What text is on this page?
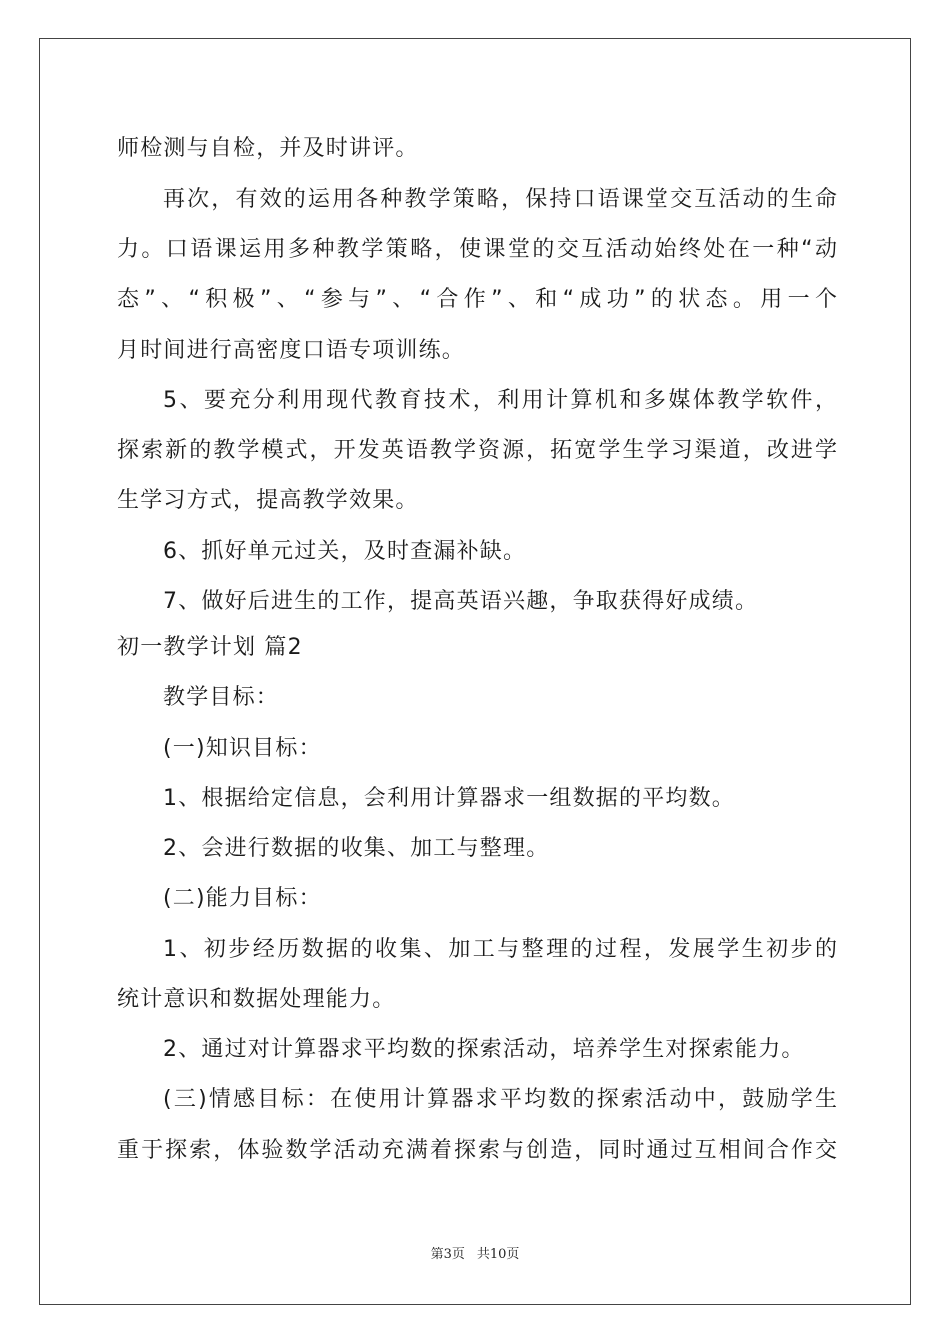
师检测与自检，并及时讲评。
再次，有效的运用各种教学策略，保持口语课堂交互活动的生命
力。口语课运用多种教学策略，使课堂的交互活动始终处在一种“动
态”、“积极”、“参与”、“合作”、和“成功”的状态。用一个
月时间进行高密度口语专项训练。
5、要充分利用现代教育技术，利用计算机和多媒体教学软件，
探索新的教学模式，开发英语教学资源，拓宽学生学习渠道，改进学
生学习方式，提高教学效果。
6、抓好单元过关，及时查漏补缺。
7、做好后进生的工作，提高英语兴趣，争取获得好成绩。
初一教学计划 篇2
教学目标：
(一)知识目标：
1、根据给定信息，会利用计算器求一组数据的平均数。
2、会进行数据的收集、加工与整理。
(二)能力目标：
1、初步经历数据的收集、加工与整理的过程，发展学生初步的
统计意识和数据处理能力。
2、通过对计算器求平均数的探索活动，培养学生对探索能力。
(三)情感目标：在使用计算器求平均数的探索活动中，鼓励学生
重于探索，体验数学活动充满着探索与创造，同时通过互相间合作交
第3页 共10页
